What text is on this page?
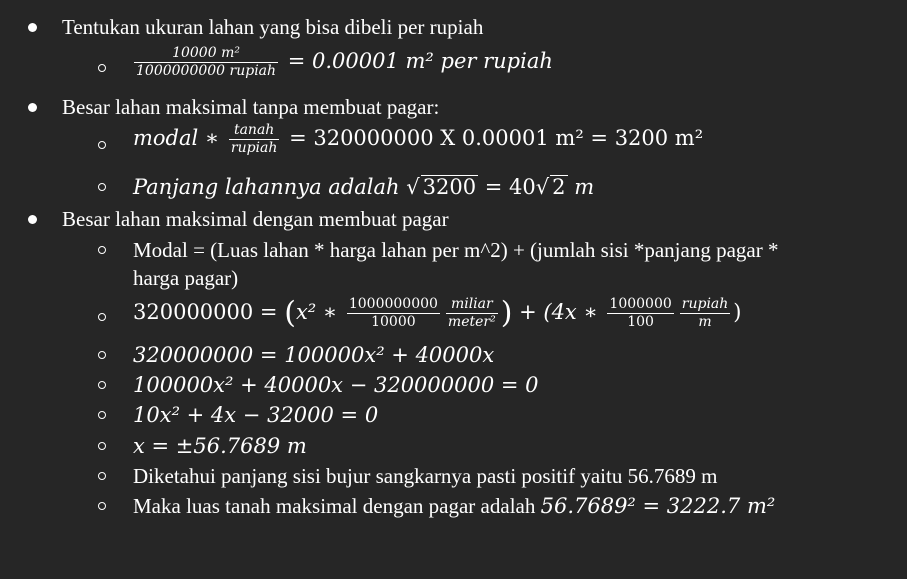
Tentukan ukuran lahan yang bisa dibeli per rupiah
$\frac{\text{10000 m²}}{\text{1000000000 rupiah}} = 0.00001$ m² per rupiah
Besar lahan maksimal tanpa membuat pagar:
modal ∗ $\frac{\text{tanah}}{\text{rupiah}} = 320000000$ X 0.00001 m² = 3200 m²
Panjang lahannya adalah √ 3200 = 40√ 2 m
Besar lahan maksimal dengan membuat pagar
Modal = (Luas lahan * harga lahan per m^2) + (jumlah sisi *panjang pagar *
harga pagar)
320000000 = (x² ∗ $\frac{1000000000}{10000} \frac{\text{miliar}}{\text{meter²}}$ ) + (4x ∗ $\frac{1000000}{100} \frac{\text{rupiah}}{m}$ )
320000000 = 100000x² + 40000x
100000x² + 40000x − 320000000 = 0
10x² + 4x − 32000 = 0
x = ±56.7689 m
Diketahui panjang sisi bujur sangkarnya pasti positif yaitu 56.7689 m
Maka luas tanah maksimal dengan pagar adalah 56.7689² = 3222.7 m²
